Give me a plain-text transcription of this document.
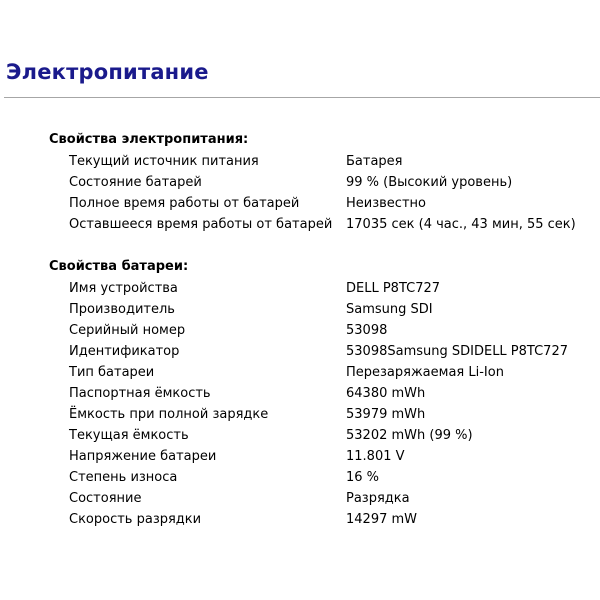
Электропитание
Свойства электропитания:
Текущий источник питания	Батарея
Состояние батарей	99 % (Высокий уровень)
Полное время работы от батарей	Неизвестно
Оставшееся время работы от батарей 17035 сек (4 час., 43 мин, 55 сек)
Свойства батареи:
Имя устройства	DELL P8TC727
Производитель	Samsung SDI
Серийный номер	53098
Идентификатор	53098Samsung SDIDELL P8TC727
Тип батареи	Перезаряжаемая Li-Ion
Паспортная ёмкость	64380 mWh
Ёмкость при полной зарядке	53979 mWh
Текущая ёмкость	53202 mWh (99 %)
Напряжение батареи	11.801 V
Степень износа	16 %
Состояние	Разрядка
Скорость разрядки	14297 mW
